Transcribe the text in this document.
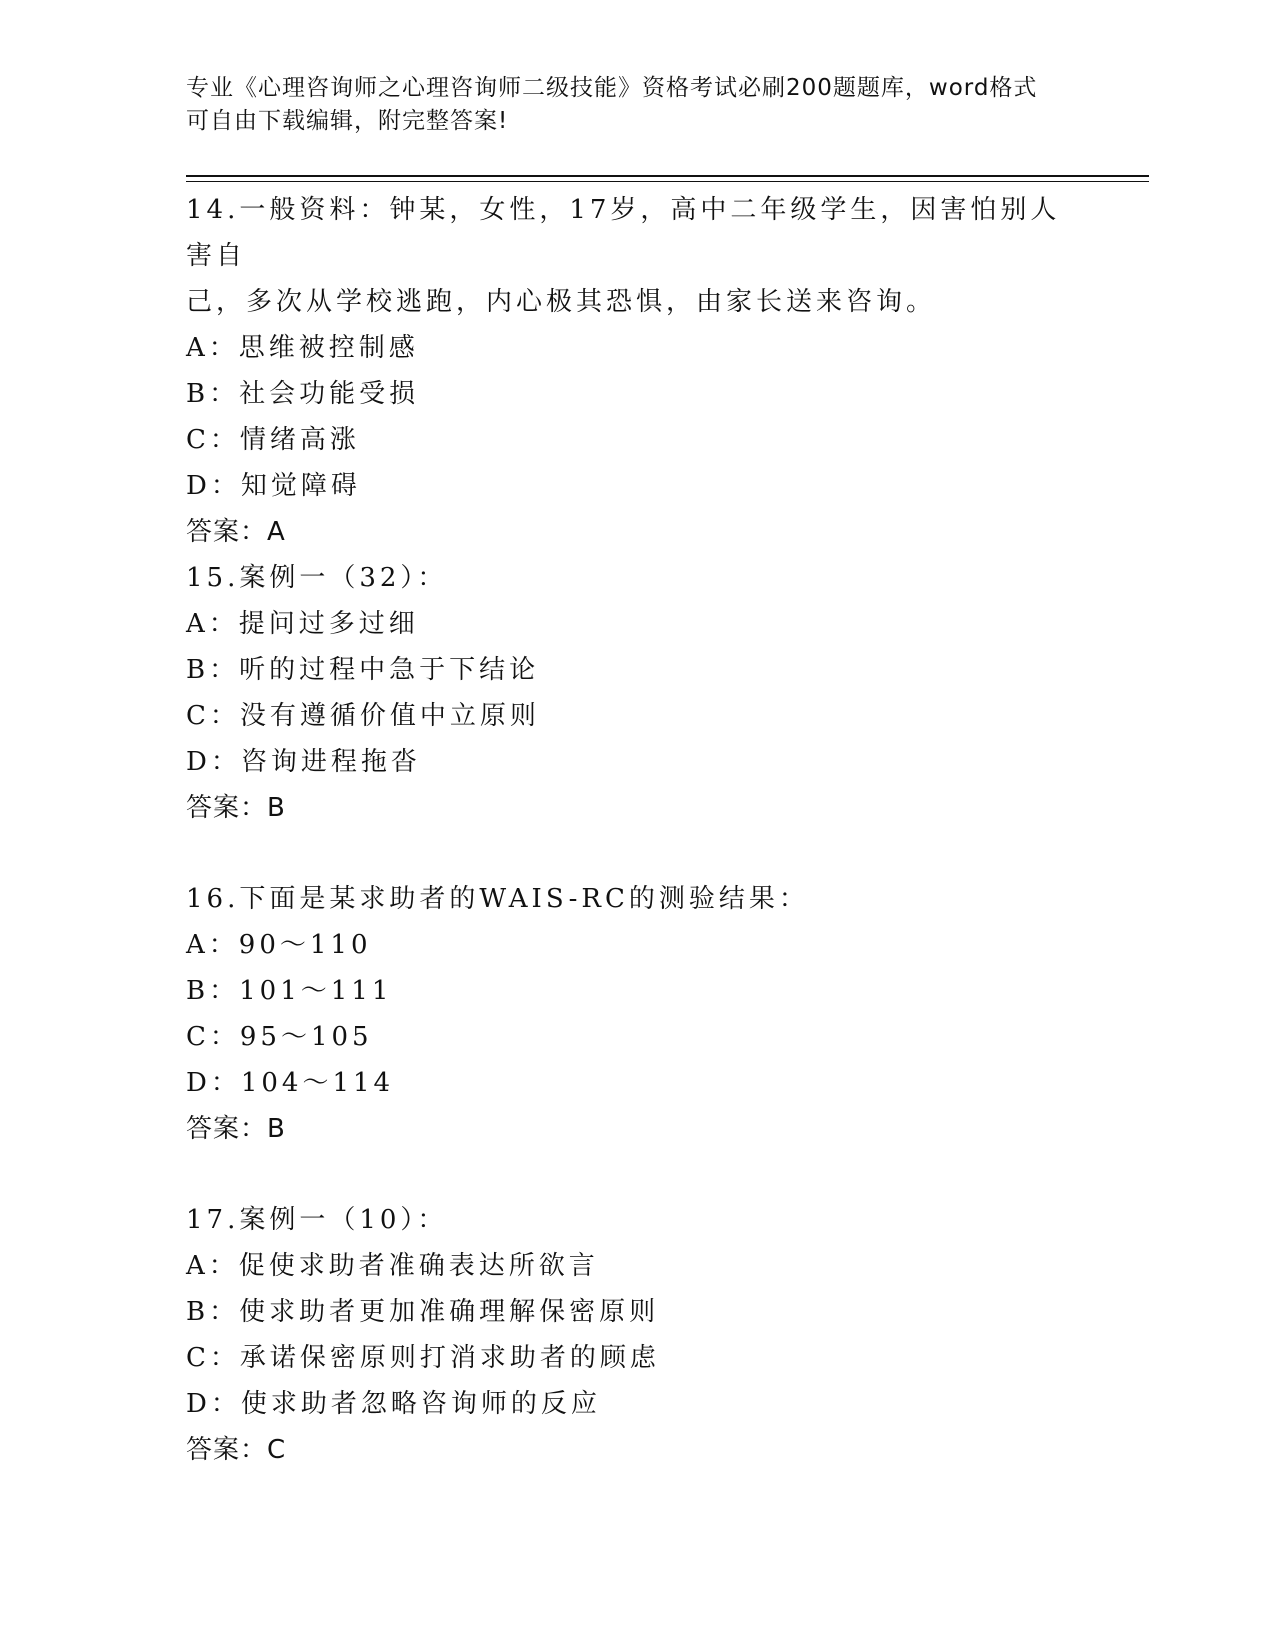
专业《心理咨询师之心理咨询师二级技能》资格考试必刷200题题库，word格式
可自由下载编辑，附完整答案!
14.一般资料：钟某，女性，17岁，高中二年级学生，因害怕别人害自
己，多次从学校逃跑，内心极其恐惧，由家长送来咨询。
A：思维被控制感
B：社会功能受损
C：情绪高涨
D：知觉障碍
答案：A
15.案例一（32）：
A：提问过多过细
B：听的过程中急于下结论
C：没有遵循价值中立原则
D：咨询进程拖沓
答案：B
16.下面是某求助者的WAIS-RC的测验结果：
A：90～110
B：101～111
C：95～105
D：104～114
答案：B
17.案例一（10）：
A：促使求助者准确表达所欲言
B：使求助者更加准确理解保密原则
C：承诺保密原则打消求助者的顾虑
D：使求助者忽略咨询师的反应
答案：C
